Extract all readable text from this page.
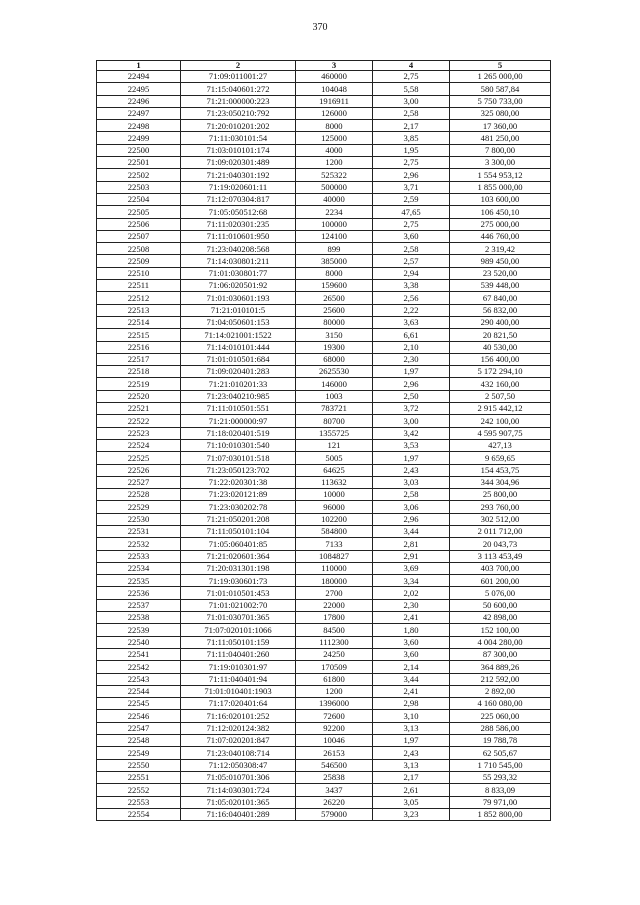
370
1	2	3	4	5
22494	71:09:011001:27	460000	2,75	1 265 000,00
22495	71:15:040601:272	104048	5,58	580 587,84
22496	71:21:000000:223	1916911	3,00	5 750 733,00
22497	71:23:050210:792	126000	2,58	325 080,00
22498	71:20:010201:202	8000	2,17	17 360,00
22499	71:11:030101:54	125000	3,85	481 250,00
22500	71:03:010101:174	4000	1,95	7 800,00
22501	71:09:020301:489	1200	2,75	3 300,00
22502	71:21:040301:192	525322	2,96	1 554 953,12
22503	71:19:020601:11	500000	3,71	1 855 000,00
22504	71:12:070304:817	40000	2,59	103 600,00
22505	71:05:050512:68	2234	47,65	106 450,10
22506	71:11:020301:235	100000	2,75	275 000,00
22507	71:11:010601:950	124100	3,60	446 760,00
22508	71:23:040208:568	899	2,58	2 319,42
22509	71:14:030801:211	385000	2,57	989 450,00
22510	71:01:030801:77	8000	2,94	23 520,00
22511	71:06:020501:92	159600	3,38	539 448,00
22512	71:01:030601:193	26500	2,56	67 840,00
22513	71:21:010101:5	25600	2,22	56 832,00
22514	71:04:050601:153	80000	3,63	290 400,00
22515	71:14:021001:1522	3150	6,61	20 821,50
22516	71:14:010101:444	19300	2,10	40 530,00
22517	71:01:010501:684	68000	2,30	156 400,00
22518	71:09:020401:283	2625530	1,97	5 172 294,10
22519	71:21:010201:33	146000	2,96	432 160,00
22520	71:23:040210:985	1003	2,50	2 507,50
22521	71:11:010501:551	783721	3,72	2 915 442,12
22522	71:21:000000:97	80700	3,00	242 100,00
22523	71:18:020401:519	1355725	3,42	4 595 907,75
22524	71:10:010301:540	121	3,53	427,13
22525	71:07:030101:518	5005	1,97	9 659,65
22526	71:23:050123:702	64625	2,43	154 453,75
22527	71:22:020301:38	113632	3,03	344 304,96
22528	71:23:020121:89	10000	2,58	25 800,00
22529	71:23:030202:78	96000	3,06	293 760,00
22530	71:21:050201:208	102200	2,96	302 512,00
22531	71:11:050101:104	584800	3,44	2 011 712,00
22532	71:05:060401:85	7133	2,81	20 043,73
22533	71:21:020601:364	1084827	2,91	3 113 453,49
22534	71:20:031301:198	110000	3,69	403 700,00
22535	71:19:030601:73	180000	3,34	601 200,00
22536	71:01:010501:453	2700	2,02	5 076,00
22537	71:01:021002:70	22000	2,30	50 600,00
22538	71:01:030701:365	17800	2,41	42 898,00
22539	71:07:020101:1066	84500	1,80	152 100,00
22540	71:11:050101:159	1112300	3,60	4 004 280,00
22541	71:11:040401:260	24250	3,60	87 300,00
22542	71:19:010301:97	170509	2,14	364 889,26
22543	71:11:040401:94	61800	3,44	212 592,00
22544	71:01:010401:1903	1200	2,41	2 892,00
22545	71:17:020401:64	1396000	2,98	4 160 080,00
22546	71:16:020101:252	72600	3,10	225 060,00
22547	71:12:020124:382	92200	3,13	288 586,00
22548	71:07:020201:847	10046	1,97	19 788,78
22549	71:23:040108:714	26153	2,43	62 505,67
22550	71:12:050308:47	546500	3,13	1 710 545,00
22551	71:05:010701:306	25838	2,17	55 293,32
22552	71:14:030301:724	3437	2,61	8 833,09
22553	71:05:020101:365	26220	3,05	79 971,00
22554	71:16:040401:289	579000	3,23	1 852 800,00
